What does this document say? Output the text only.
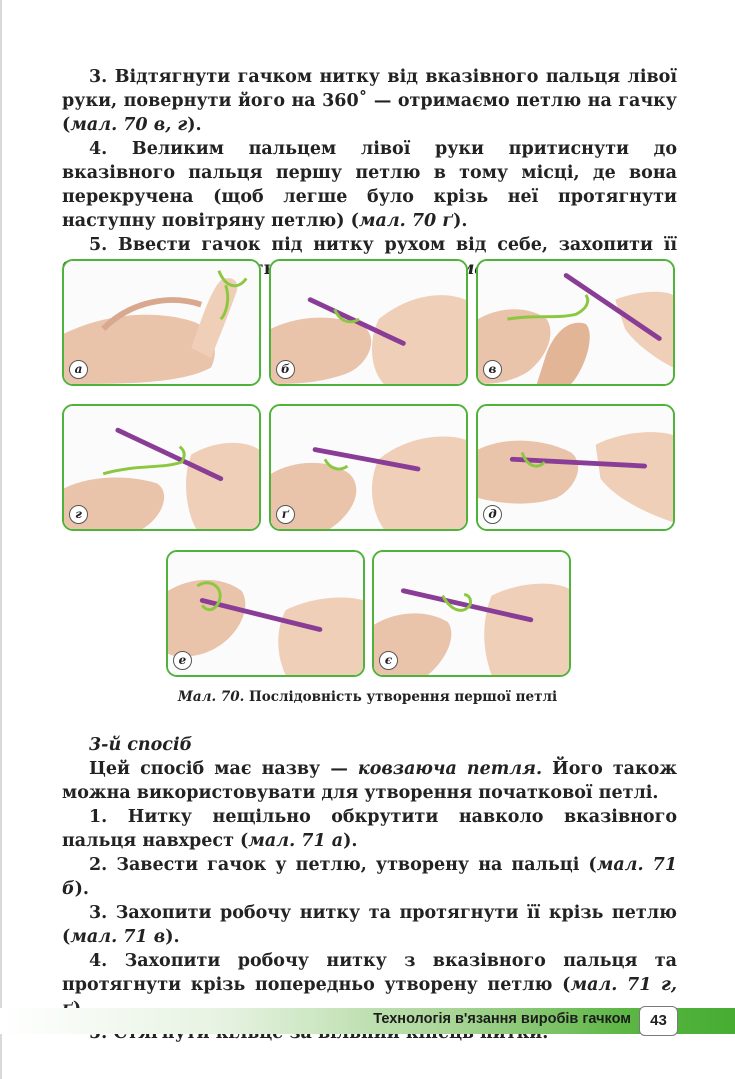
3. Відтягнути гачком нитку від вказівного пальця лівої руки, повернути його на 360˚ — отримаємо петлю на гачку (мал. 70 в, г).

4. Великим пальцем лівої руки притиснути до вказівного пальця першу петлю в тому місці, де вона перекручена (щоб легше було крізь неї протягнути наступну повітряну петлю) (мал. 70 ґ).

5. Ввести гачок під нитку рухом від себе, захопити її

а	б	в
г	ґ	д
е	є
Мал. 70. Послідовність утворення першої петлі

3-й спосіб

Цей спосіб має назву — ковзаюча петля. Його також можна використовувати для утворення початкової петлі.

1. Нитку нещільно обкрутити навколо вказівного пальця навхрест (мал. 71 а).

2. Завести гачок у петлю, утворену на пальці (мал. 71 б).

3. Захопити робочу нитку та протягнути її крізь петлю (мал. 71 в).

4. Захопити робочу нитку з вказівного пальця та протягнути крізь попередньо утворену петлю (мал. 71 г,

Технологія в'язання виробів гачком	43
